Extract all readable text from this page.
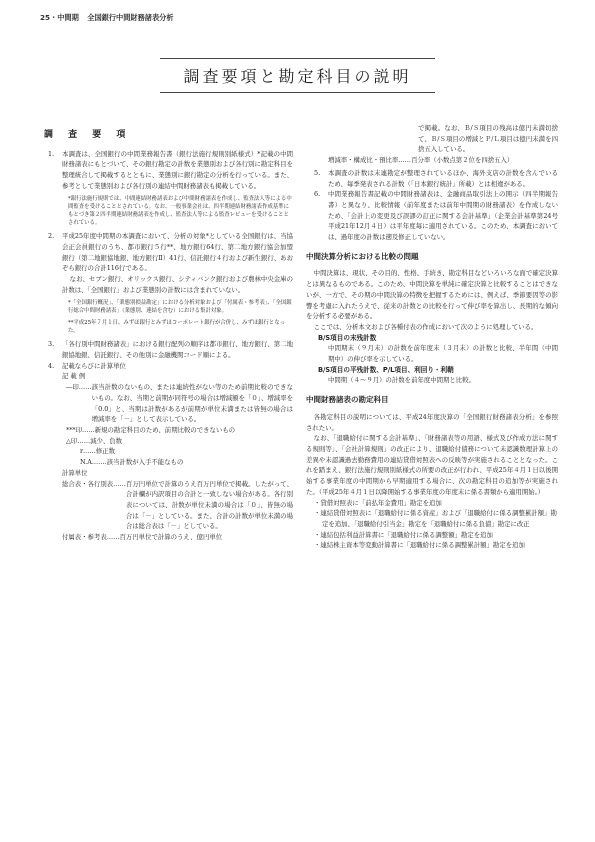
25・中間期 全国銀行中間財務諸表分析
調査要項と勘定科目の説明
調 査 要 項
1.	本調査は、全国銀行の中間業務報告書（銀行法施行規則別紙様式）*記載の中間財務諸表にもとづいて、その銀行勘定の計数を業態別および各行別に勘定科目を整理統合して掲載するとともに、業態別に銀行勘定の分析を行っている。また、参考として業態別および各行別の連結中間財務諸表も掲載している。
*銀行法施行規則では、中間連結財務諸表および中間財務諸表を作成し、監査法人等による中間監査を受けることとされている。なお、一般事業会社は、四半期連結財務諸表作成基準にもとづき第２四半期連結財務諸表を作成し、監査法人等による監査レビューを受けることとされている。
2.	平成25年度中間期の本調査において、分析の対象*としている全国銀行は、当協会正会員銀行のうち、都市銀行５行**、地方銀行64行、第二地方銀行協会加盟銀行（第二地銀協地銀、地方銀行Ⅱ）41行、信託銀行４行および新生銀行、あおぞら銀行の合計116行である。
なお、セブン銀行、オリックス銀行、シティバンク銀行および農林中央金庫の計数は、「全国銀行」および業態別の計数には含まれていない。
*「全国銀行概況」、「業態別損益勘定」における分析対象および「付属表・参考表」、「全国銀行総合中間財務諸表」（業態別、連結を含む）における集計対象。
**平成25年７月１日、みずほ銀行とみずほコーポレート銀行が合併し、みずほ銀行となった。
3.	「各行別中間財務諸表」における銀行配列の順序は都市銀行、地方銀行、第二地銀協地銀、信託銀行、その他別に金融機関コード順による。
4.	記載ならびに計算単位
記 載 例
―印…… 該当計数のないもの、または連続性がない等のため前期比較のできないもの。なお、当期と前期が同符号の場合は増減額を「０」、増減率を「0.0」と、当期は計数があるが前期が単位未満または皆無の場合は増減率を「－」として表示している。
***印…… 新規の勘定科目のため、前期比較のできないもの
△印……減少、負数
r……修正数
N.A.……該当計数が入手不能なもの
計算単位
総合表・各行別表…… 百万円単位で計算のうえ百万円単位で掲載。したがって、合計欄が内訳項目の合計と一致しない場合がある。各行別表については、計数が単位未満の場合は「０」、皆無の場合は「－」としている。また、合計の計数が単位未満の場合は総合表は「－」としている。
付属表・参考表…… 百万円単位で計算のうえ、億円単位
で掲載。なお、Ｂ/Ｓ項目の残高は億円未満切捨て、Ｂ/Ｓ項目の増減とＰ/Ｌ項目は億円未満を四捨五入している。
増減率・構成比・預比率……百分率（小数点第２位を四捨五入）
5.	本調査の計数は末連勘定が整理されているほか、海外支店の計数を含んでいるため、毎季発表される計数（「日本銀行統計」所載）とは相違がある。
6.	中間業務報告書記載の中間財務諸表は、金融商品取引法上の開示（四半期報告書）と異なり、比較情報（前年度または前年中間期の財務諸表）を作成しないため、「会計上の変更及び誤謬の訂正に関する会計基準」（企業会計基準第24号平成21年12月４日）は平年度毎に適用されている。このため、本調査においては、過年度の計数は遡及修正していない。
中間決算分析における比較の問題
中間決算は、現状、その目的、性格、手続き、勘定科目などいろいろな面で確定決算とは異なるものである。このため、中間決算を単純に確定決算と比較することはできないが、一方で、その期の中間決算の特徴を把握するためには、例えば、季節要因等の影響を考慮に入れたうえで、従来の計数との比較を行って伸び率を算出し、長期的な傾向を分析する必要がある。
ここでは、分析本文および各種付表の作成において次のように処理している。
B/S項目の末残計数
中間期末（９月末）の計数を前年度末（３月末）の計数と比較、半年間（中間期中）の伸び率を示している。
B/S項目の平残計数、P/L項目、利回り・利鞘
中間期（４～９月）の計数を前年度中間期と比較。
中間財務諸表の勘定科目
各勘定科目の説明については、平成24年度決算の「全国銀行財務諸表分析」を参照されたい。
なお、「退職給付に関する会計基準」、「財務諸表等の用語、様式及び作成方法に関する規則等」、「会社計算規則」の改正により、退職給付債務について未認識数理計算上の差異や未認識過去勤務費用の連結貸借対照表への反映等が実施されることとなった。これを踏まえ、銀行法施行規則別紙様式の所要の改正が行われ、平成25年４月１日以後開始する事業年度の中間期から早期適用する場合に、次の勘定科目の追加等が実施された。（平成25年４月１日以降開始する事業年度の年度末に係る書類から適用開始。）
・貸借対照表に「前払年金費用」勘定を追加
・連結貸借対照表に「退職給付に係る資産」および「退職給付に係る調整累計額」勘定を追加、「退職給付引当金」勘定を「退職給付に係る負債」勘定に改正
・連結包括利益計算書に「退職給付に係る調整額」勘定を追加
・連結株主資本等変動計算書に「退職給付に係る調整累計額」勘定を追加
